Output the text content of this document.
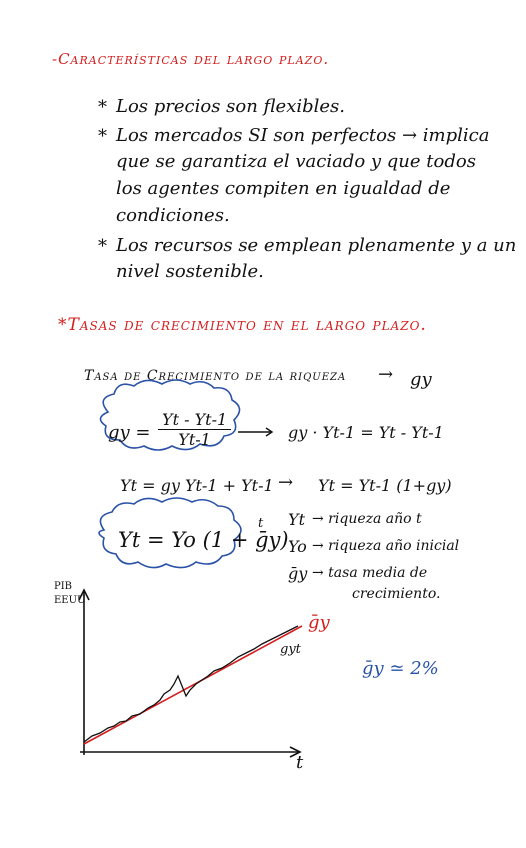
-Características del largo plazo.
* Los precios son flexibles.
* Los mercados SI son perfectos → implica
que se garantiza el vaciado y que todos
los agentes compiten en igualdad de
condiciones.
* Los recursos se emplean plenamente y a un
nivel sostenible.
*Tasas de crecimiento en el largo plazo.
Tasa de Crecimiento de la riqueza → gy
gy = $\frac{Yt - Yt-1}{Yt-1}$	gy · Yt-1 = Yt - Yt-1
Yt = gy Yt-1 + Yt-1 → Yt = Yt-1 (1+gy)
Yt = Yo (1 + ḡy)
t Yt → riqueza año t
Yo → riqueza año inicial
ḡy → tasa media de
crecimiento.
PIB
EEUU
t
ḡy
gyt
ḡy ≃ 2%
